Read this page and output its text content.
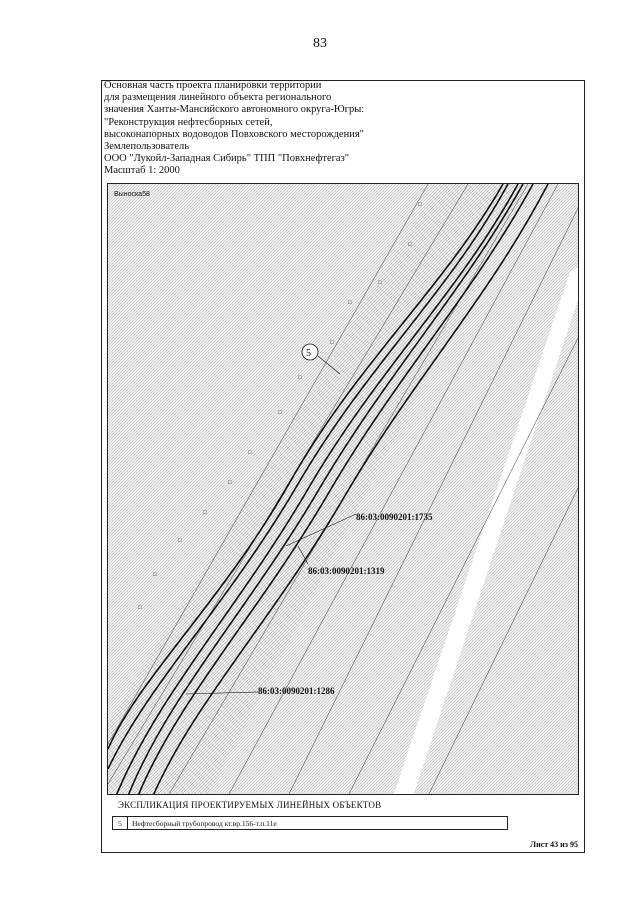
83
Основная часть проекта планировки территории
для размещения линейного объекта регионального
значения Ханты-Мансийского автономного округа-Югры:
"Реконструкция нефтесборных сетей,
высоконапорных водоводов Повховского месторождения"
Землепользователь
ООО "Лукойл-Западная Сибирь" ТПП "Повхнефтегаз"
Масштаб 1: 2000
□
□
□
□
□
□
□
□
□
□
□
□
□
Выноска58
5
86:03:0090201:1735
86:03:0090201:1319
86:03:0090201:1286
ЭКСПЛИКАЦИЯ ПРОЕКТИРУЕМЫХ ЛИНЕЙНЫХ ОБЪЕКТОВ
5	Нефтесборный трубопровод кт.вр.156-т.п.11е
Лист 43 из 95
